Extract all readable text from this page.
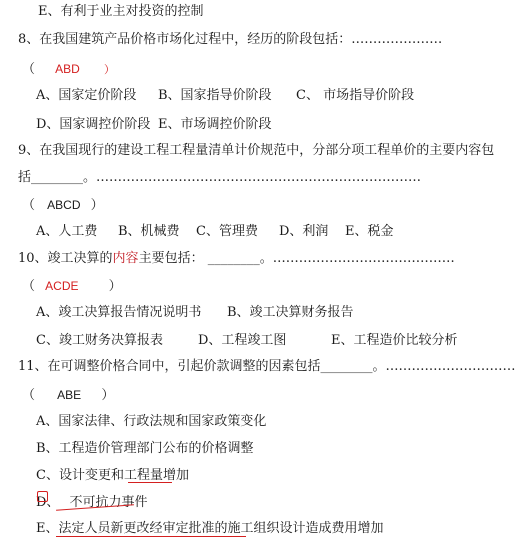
E、有利于业主对投资的控制
8、在我国建筑产品价格市场化过程中，经历的阶段包括：…………………
（ ABD ）
A、国家定价阶段 B、国家指导价阶段 C、 市场指导价阶段
D、国家调控价阶段 E、市场调控价阶段
9、在我国现行的建设工程工程量清单计价规范中，分部分项工程单价的主要内容包
括________。…………………………………………………………………
（ ABCD ）
A、人工费 B、机械费 C、管理费 D、利润 E、税金
10、竣工决算的内容主要包括： ________。……………………………………
（ ACDE ）
A、竣工决算报告情况说明书 B、竣工决算财务报告
C、竣工财务决算报表	D、工程竣工图	E、工程造价比较分析
11、在可调整价格合同中，引起价款调整的因素包括________。…………………………
（ ABE ）
A、国家法律、行政法规和国家政策变化
B、工程造价管理部门公布的价格调整
C、设计变更和工程量增加
D、 不可抗力事件
E、法定人员新更改经审定批准的施工组织设计造成费用增加
